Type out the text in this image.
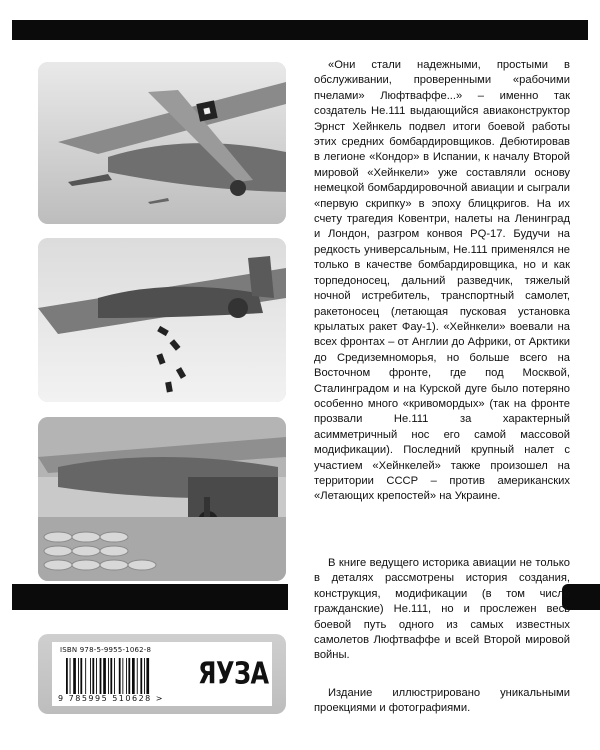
ISBN 978-5-9955-1062-8
9 785995 510628 >
ЯУЗА

«Они стали надежными, простыми в обслуживании, проверенными «рабочими пчелами» Люфтваффе...» – именно так создатель He.111 выдающийся авиаконструктор Эрнст Хейнкель подвел итоги боевой работы этих средних бомбардировщиков. Дебютировав в легионе «Кондор» в Испании, к началу Второй мировой «Хейнкели» уже составляли основу немецкой бомбардировочной авиации и сыграли «первую скрипку» в эпоху блицкригов. На их счету трагедия Ковентри, налеты на Ленинград и Лондон, разгром конвоя PQ-17. Будучи на редкость универсальным, He.111 применялся не только в качестве бомбардировщика, но и как торпедоносец, дальний разведчик, тяжелый ночной истребитель, транспортный самолет, ракетоносец (летающая пусковая установка крылатых ракет Фау-1). «Хейнкели» воевали на всех фронтах – от Англии до Африки, от Арктики до Средиземноморья, но больше всего на Восточном фронте, где под Москвой, Сталинградом и на Курской дуге было потеряно особенно много «кривомордых» (так на фронте прозвали He.111 за характерный асимметричный нос его самой массовой модификации). Последний крупный налет с участием «Хейнкелей» также произошел на территории СССР – против американских «Летающих крепостей» на Украине.

В книге ведущего историка авиации не только в деталях рассмотрены история создания, конструкция, модификации (в том числе гражданские) He.111, но и прослежен весь боевой путь одного из самых известных самолетов Люфтваффе и всей Второй мировой войны.

Издание иллюстрировано уникальными проекциями и фотографиями.
